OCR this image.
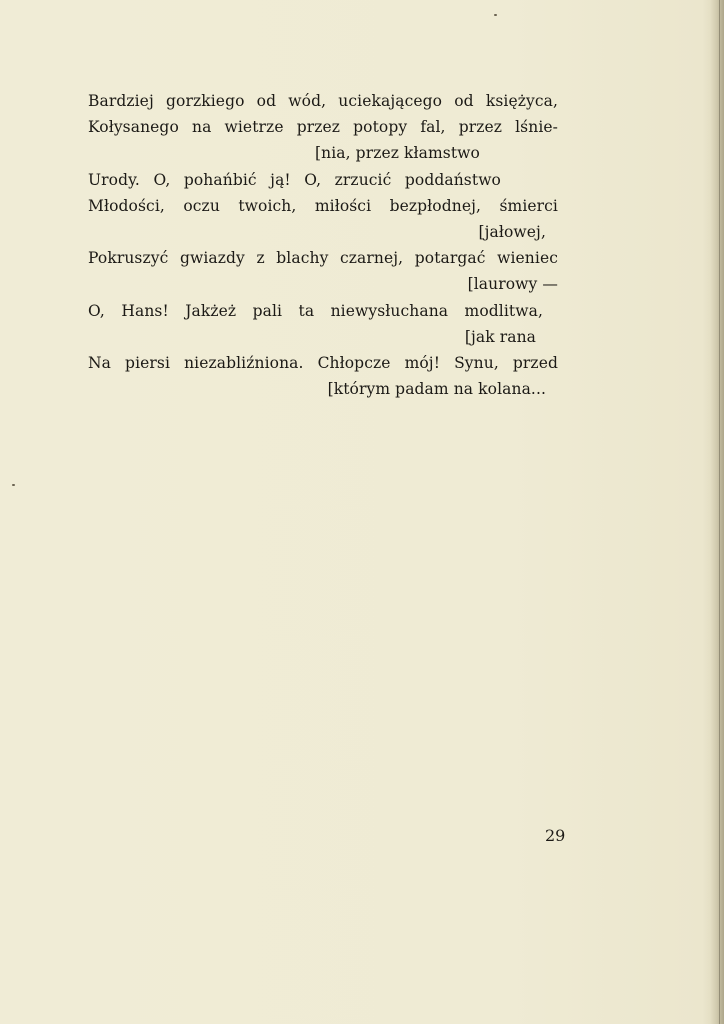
Bardziej gorzkiego od wód, uciekającego od księżyca,
Kołysanego na wietrze przez potopy fal, przez lśnie-
[nia, przez kłamstwo
Urody. O, pohańbić ją! O, zrzucić poddaństwo
Młodości, oczu twoich, miłości bezpłodnej, śmierci
[jałowej,
Pokruszyć gwiazdy z blachy czarnej, potargać wieniec
[laurowy —
O, Hans! Jakżeż pali ta niewysłuchana modlitwa,
[jak rana
Na piersi niezabliźniona. Chłopcze mój! Synu, przed
[którym padam na kolana...
29
